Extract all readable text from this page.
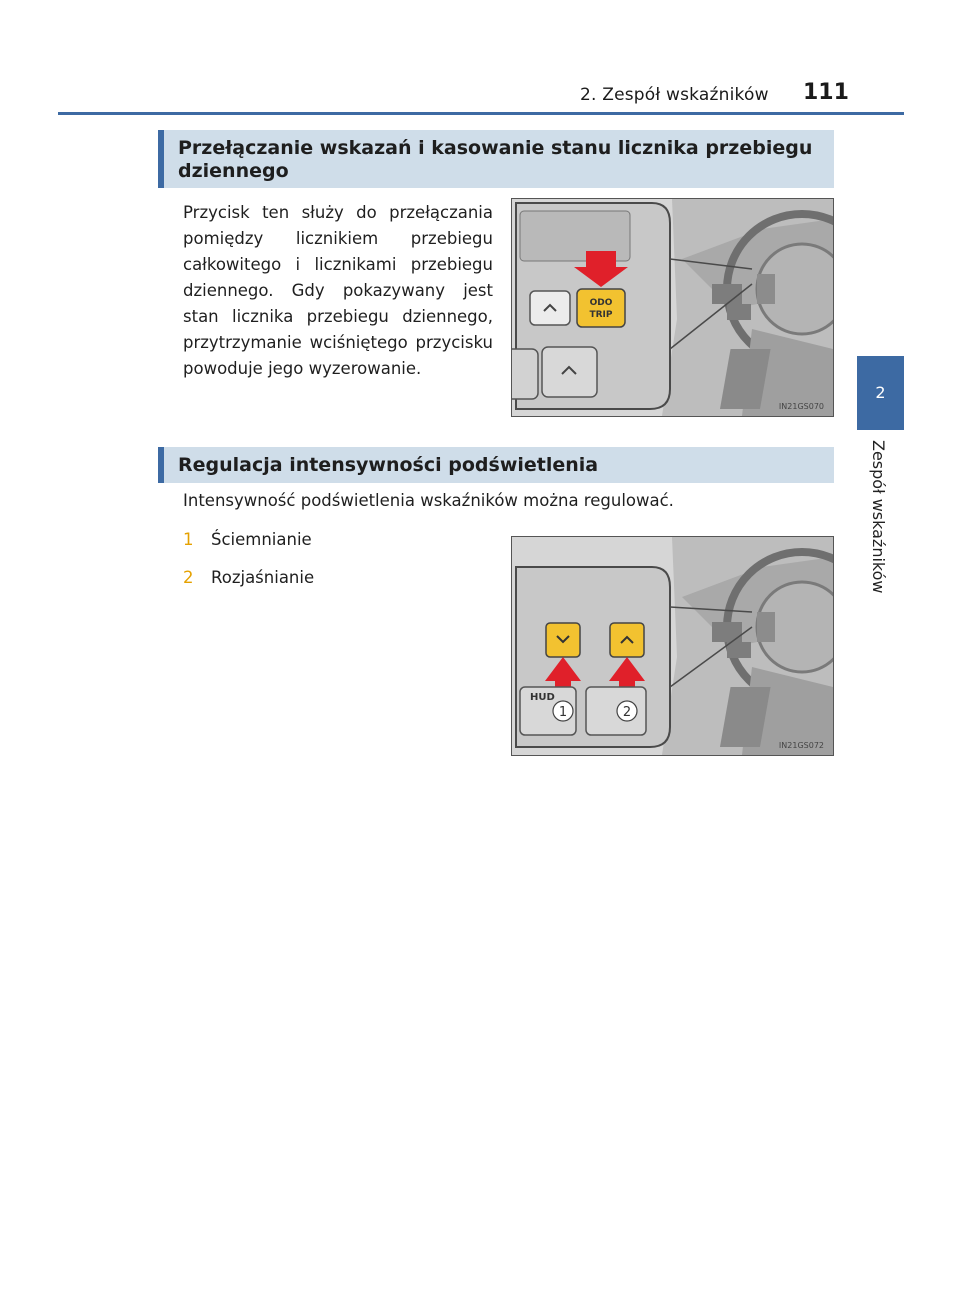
2. Zespół wskaźników 111
2
Zespół wskaźników
Przełączanie wskazań i kasowanie stanu licznika przebiegu dziennego
Przycisk ten służy do przełączania pomiędzy licznikiem przebiegu całkowitego i licznikami przebiegu dziennego. Gdy pokazywany jest stan licznika przebiegu dziennego, przytrzymanie wciśniętego przycisku powoduje jego wyzerowanie.
ODO
TRIP
IN21GS070
Regulacja intensywności podświetlenia
Intensywność podświetlenia wskaźników można regulować.
1 Ściemnianie
2 Rozjaśnianie
HUD
1	2
IN21GS072
